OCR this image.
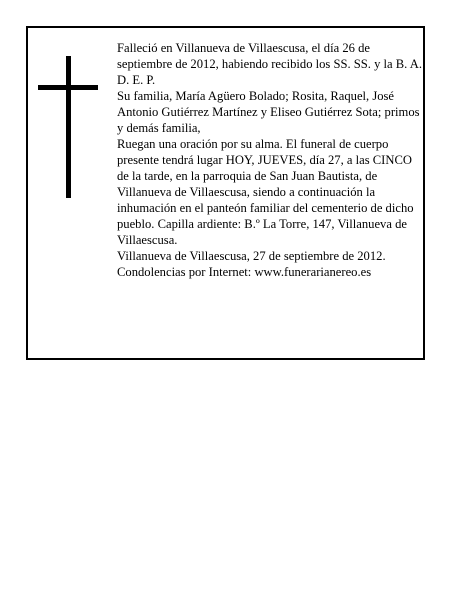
Falleció en Villanueva de Villaescusa, el día 26 de septiembre de 2012, habiendo recibido los SS. SS. y la B. A.

D. E. P.

Su familia, María Agüero Bolado; Rosita, Raquel, José Antonio Gutiérrez Martínez y Eliseo Gutiérrez Sota; primos y demás familia,

Ruegan una oración por su alma. El funeral de cuerpo presente tendrá lugar HOY, JUEVES, día 27, a las CINCO de la tarde, en la parroquia de San Juan Bautista, de Villanueva de Villaescusa, siendo a continuación la inhumación en el panteón familiar del cementerio de dicho pueblo. Capilla ardiente: B.º La Torre, 147, Villanueva de Villaescusa.

Villanueva de Villaescusa, 27 de septiembre de 2012.

Condolencias por Internet: www.funerarianereo.es
